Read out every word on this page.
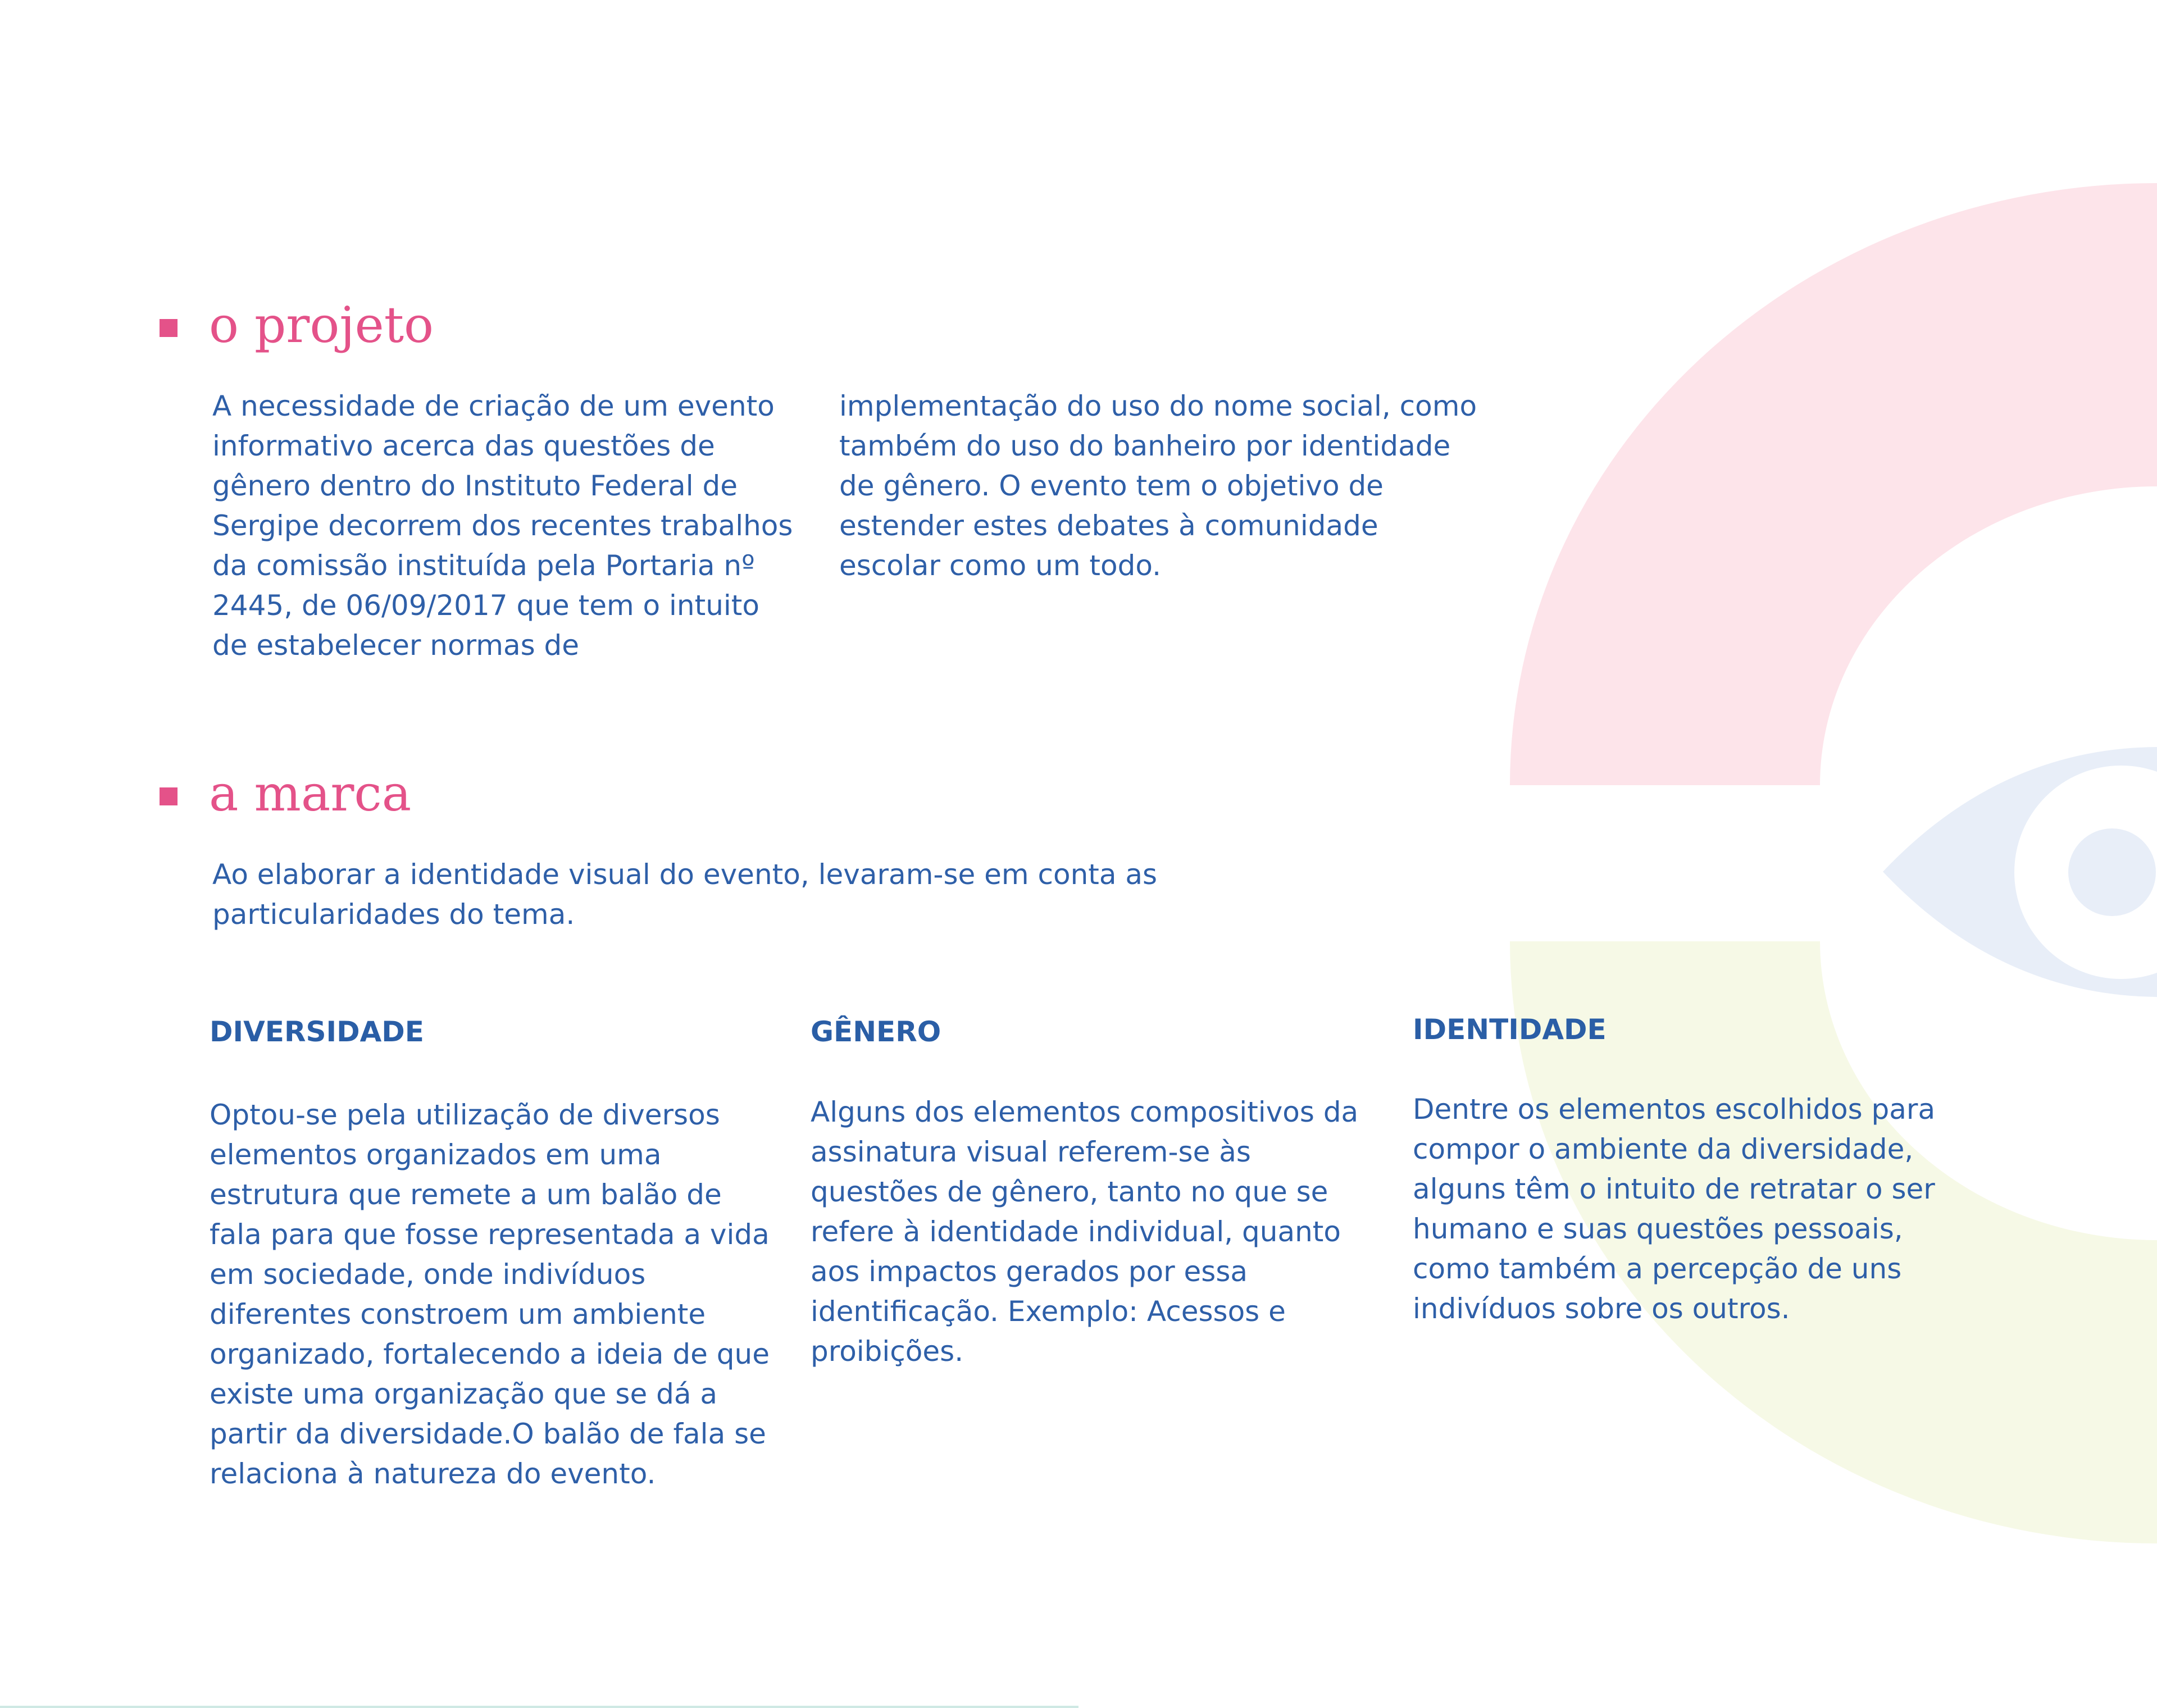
o projeto

A necessidade de criação de um evento
informativo acerca das questões de
gênero dentro do Instituto Federal de
Sergipe decorrem dos recentes trabalhos
da comissão instituída pela Portaria nº
2445, de 06/09/2017 que tem o intuito
de estabelecer normas de

implementação do uso do nome social, como
também do uso do banheiro por identidade
de gênero. O evento tem o objetivo de
estender estes debates à comunidade
escolar como um todo.

a marca

Ao elaborar a identidade visual do evento, levaram-se em conta as
particularidades do tema.

DIVERSIDADE

Optou-se pela utilização de diversos
elementos organizados em uma
estrutura que remete a um balão de
fala para que fosse representada a vida
em sociedade, onde indivíduos
diferentes constroem um ambiente
organizado, fortalecendo a ideia de que
existe uma organização que se dá a
partir da diversidade.O balão de fala se
relaciona à natureza do evento.

GÊNERO

Alguns dos elementos compositivos da
assinatura visual referem-se às
questões de gênero, tanto no que se
refere à identidade individual, quanto
aos impactos gerados por essa
identificação. Exemplo: Acessos e
proibições.

IDENTIDADE

Dentre os elementos escolhidos para
compor o ambiente da diversidade,
alguns têm o intuito de retratar o ser
humano e suas questões pessoais,
como também a percepção de uns
indivíduos sobre os outros.
